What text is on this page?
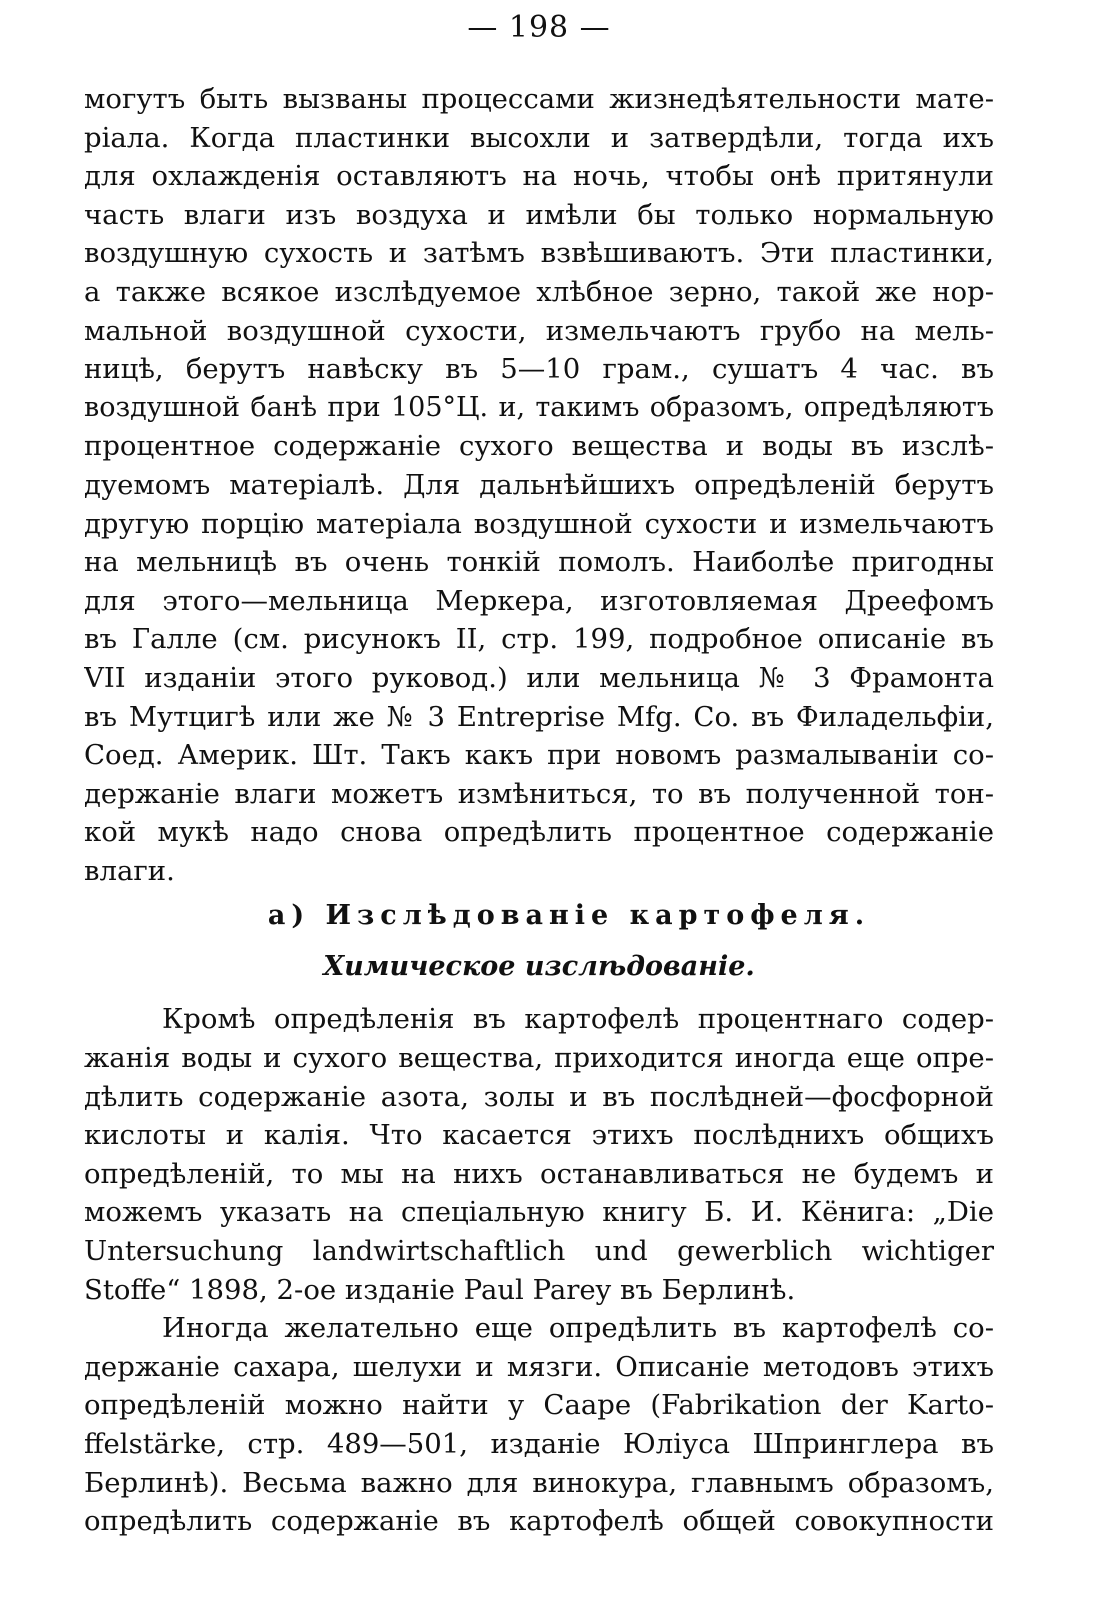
— 198 —
могутъ быть вызваны процессами жизнедѣятельности мате-
ріала. Когда пластинки высохли и затвердѣли, тогда ихъ
для охлажденія оставляютъ на ночь, чтобы онѣ притянули
часть влаги изъ воздуха и имѣли бы только нормальную
воздушную сухость и затѣмъ взвѣшиваютъ. Эти пластинки,
а также всякое изслѣдуемое хлѣбное зерно, такой же нор-
мальной воздушной сухости, измельчаютъ грубо на мель-
ницѣ, берутъ навѣску въ 5—10 грам., сушатъ 4 час. въ
воздушной банѣ при 105°Ц. и, такимъ образомъ, опредѣляютъ
процентное содержаніе сухого вещества и воды въ изслѣ-
дуемомъ матеріалѣ. Для дальнѣйшихъ опредѣленій берутъ
другую порцію матеріала воздушной сухости и измельчаютъ
на мельницѣ въ очень тонкій помолъ. Наиболѣе пригодны
для этого—мельница Меркера, изготовляемая Дреефомъ
въ Галле (см. рисунокъ II, стр. 199, подробное описаніе въ
VII изданіи этого руковод.) или мельница № 3 Фрамонта
въ Мутцигѣ или же № 3 Entreprise Mfg. Co. въ Филадельфіи,
Соед. Америк. Шт. Такъ какъ при новомъ размалываніи со-
держаніе влаги можетъ измѣниться, то въ полученной тон-
кой мукѣ надо снова опредѣлить процентное содержаніе
влаги.
a) Изслѣдованіе картофеля.
Химическое изслѣдованіе.
Кромѣ опредѣленія въ картофелѣ процентнаго содер-
жанія воды и сухого вещества, приходится иногда еще опре-
дѣлить содержаніе азота, золы и въ послѣдней—фосфорной
кислоты и калія. Что касается этихъ послѣднихъ общихъ
опредѣленій, то мы на нихъ останавливаться не будемъ и
можемъ указать на спеціальную книгу Б. И. Кёнига: „Die
Untersuchung landwirtschaftlich und gewerblich wichtiger
Stoffe“ 1898, 2-ое изданіе Paul Parey въ Берлинѣ.
Иногда желательно еще опредѣлить въ картофелѣ со-
держаніе сахара, шелухи и мязги. Описаніе методовъ этихъ
опредѣленій можно найти у Сааре (Fabrikation der Karto-
ffelstärke, стр. 489—501, изданіе Юліуса Шпринглера въ
Берлинѣ). Весьма важно для винокура, главнымъ образомъ,
опредѣлить содержаніе въ картофелѣ общей совокупности
